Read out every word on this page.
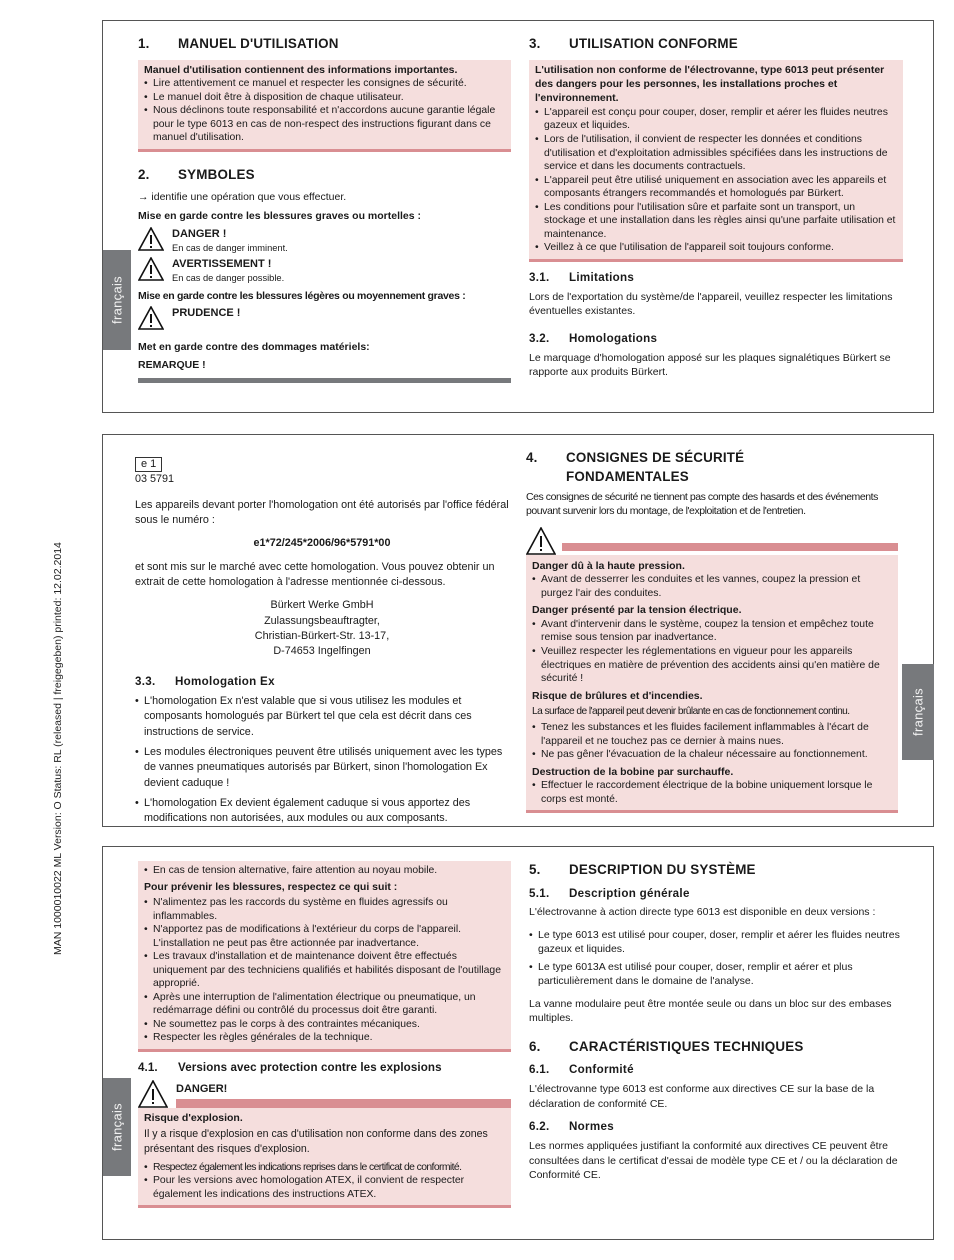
MAN 1000010022 ML Version: O Status: RL (released | freigegeben) printed: 12.02.2014
français
1.	MANUEL D'UTILISATION
Manuel d'utilisation contiennent des informations importantes.
• Lire attentivement ce manuel et respecter les consignes de sécurité.
• Le manuel doit être à disposition de chaque utilisateur.
• Nous déclinons toute responsabilité et n'accordons aucune garantie légale pour le type 6013 en cas de non-respect des instructions figurant dans ce manuel d'utilisation.
2.	SYMBOLES
→ identifie une opération que vous effectuer.
Mise en garde contre les blessures graves ou mortelles :
DANGER !
En cas de danger imminent.
AVERTISSEMENT !
En cas de danger possible.
Mise en garde contre les blessures légères ou moyennement graves :
PRUDENCE !
Met en garde contre des dommages matériels:
REMARQUE !
3.	UTILISATION CONFORME
L'utilisation non conforme de l'électrovanne, type 6013 peut présenter des dangers pour les personnes, les installations proches et l'environnement.
• L'appareil est conçu pour couper, doser, remplir et aérer les fluides neutres gazeux et liquides.
• Lors de l'utilisation, il convient de respecter les données et conditions d'utilisation et d'exploitation admissibles spécifiées dans les instructions de service et dans les documents contractuels.
• L'appareil peut être utilisé uniquement en association avec les appareils et composants étrangers recommandés et homologués par Bürkert.
• Les conditions pour l'utilisation sûre et parfaite sont un transport, un stockage et une installation dans les règles ainsi qu'une parfaite utilisation et maintenance.
• Veillez à ce que l'utilisation de l'appareil soit toujours conforme.
3.1.	Limitations

Lors de l'exportation du système/de l'appareil, veuillez respecter les limitations éventuelles existantes.

3.2.	Homologations

Le marquage d'homologation apposé sur les plaques signalétiques Bürkert se rapporte aux produits Bürkert.

français
e 1
03 5791

Les appareils devant porter l'homologation ont été autorisés par l'office fédéral sous le numéro :

e1*72/245*2006/96*5791*00

et sont mis sur le marché avec cette homologation. Vous pouvez obtenir un extrait de cette homologation à l'adresse mentionnée ci-dessous.

Bürkert Werke GmbH
Zulassungsbeauftragter,
Christian-Bürkert-Str. 13-17,
D-74653 Ingelfingen
3.3.	Homologation Ex
• L'homologation Ex n'est valable que si vous utilisez les modules et composants homologués par Bürkert tel que cela est décrit dans ces instructions de service.
• Les modules électroniques peuvent être utilisés uniquement avec les types de vannes pneumatiques autorisés par Bürkert, sinon l'homologation Ex devient caduque !
• L'homologation Ex devient également caduque si vous apportez des modifications non autorisées, aux modules ou aux composants.
4.	CONSIGNES DE SÉCURITÉ
FONDAMENTALES

Ces consignes de sécurité ne tiennent pas compte des hasards et des événements pouvant survenir lors du montage, de l'exploitation et de l'entretien.

Danger dû à la haute pression.
• Avant de desserrer les conduites et les vannes, coupez la pression et purgez l'air des conduites.
Danger présenté par la tension électrique.
• Avant d'intervenir dans le système, coupez la tension et empêchez toute remise sous tension par inadvertance.
• Veuillez respecter les réglementations en vigueur pour les appareils électriques en matière de prévention des accidents ainsi qu'en matière de sécurité !
Risque de brûlures et d'incendies.
La surface de l'appareil peut devenir brûlante en cas de fonctionnement continu.
• Tenez les substances et les fluides facilement inflammables à l'écart de l'appareil et ne touchez pas ce dernier à mains nues.
• Ne pas gêner l'évacuation de la chaleur nécessaire au fonctionnement.
Destruction de la bobine par surchauffe.
• Effectuer le raccordement électrique de la bobine uniquement lorsque le corps est monté.
français
• En cas de tension alternative, faire attention au noyau mobile.
Pour prévenir les blessures, respectez ce qui suit :
• N'alimentez pas les raccords du système en fluides agressifs ou inflammables.
• N'apportez pas de modifications à l'extérieur du corps de l'appareil. L'installation ne peut pas être actionnée par inadvertance.
• Les travaux d'installation et de maintenance doivent être effectués uniquement par des techniciens qualifiés et habilités disposant de l'outillage approprié.
• Après une interruption de l'alimentation électrique ou pneumatique, un redémarrage défini ou contrôlé du processus doit être garanti.
• Ne soumettez pas le corps à des contraintes mécaniques.
• Respecter les règles générales de la technique.
4.1.	Versions avec protection contre les explosions
DANGER!
Risque d'explosion.
Il y a risque d'explosion en cas d'utilisation non conforme dans des zones présentant des risques d'explosion.
• Respectez également les indications reprises dans le certificat de conformité.
• Pour les versions avec homologation ATEX, il convient de respecter également les indications des instructions ATEX.
5.	DESCRIPTION DU SYSTÈME
5.1.	Description générale

L'électrovanne à action directe type 6013 est disponible en deux versions :

• Le type 6013 est utilisé pour couper, doser, remplir et aérer les fluides neutres gazeux et liquides.
• Le type 6013A est utilisé pour couper, doser, remplir et aérer et plus particulièrement dans le domaine de l'analyse.

La vanne modulaire peut être montée seule ou dans un bloc sur des embases multiples.

6.	CARACTÉRISTIQUES TECHNIQUES
6.1.	Conformité

L'électrovanne type 6013 est conforme aux directives CE sur la base de la déclaration de conformité CE.

6.2.	Normes

Les normes appliquées justifiant la conformité aux directives CE peuvent être consultées dans le certificat d'essai de modèle type CE et / ou la déclaration de Conformité CE.
